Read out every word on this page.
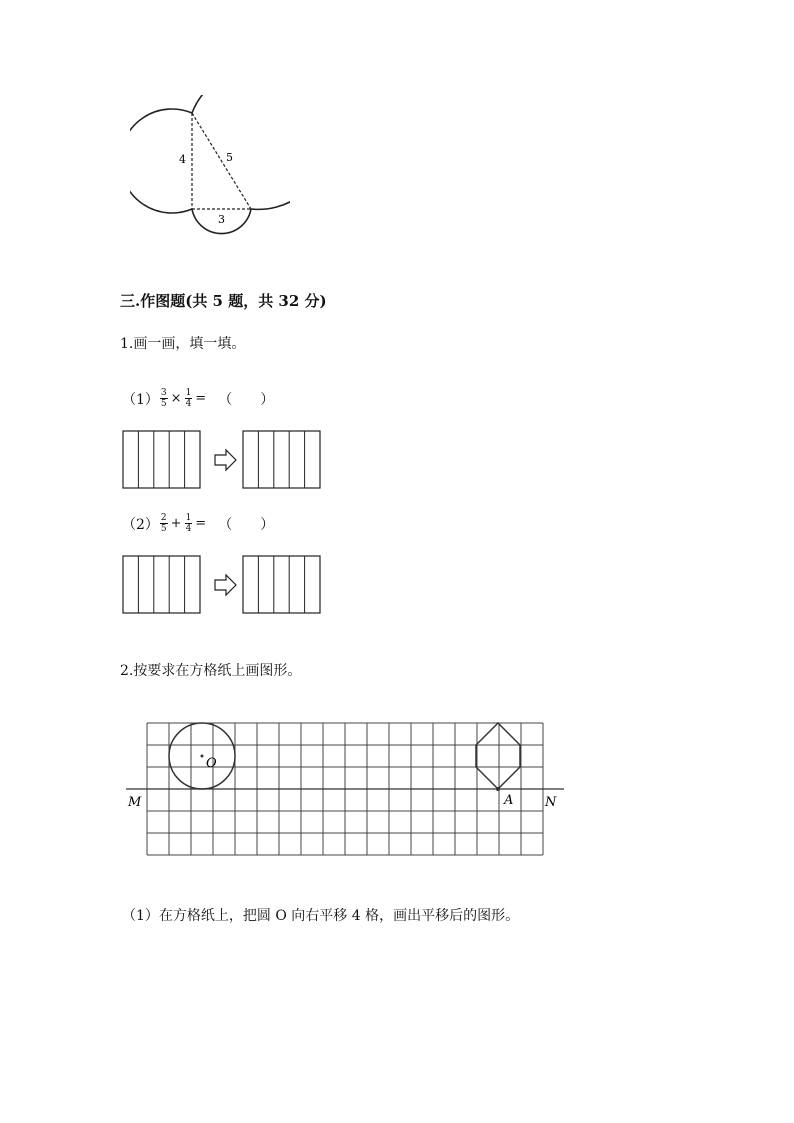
4	5
3
三.作图题(共 5 题，共 32 分)
1.画一画，填一填。
$(1) \frac{3}{5} \times \frac{1}{4}$ = （　　）
$(2) \frac{2}{5} + \frac{1}{4}$ = （　　）
2.按要求在方格纸上画图形。
O
A
M	N
（1）在方格纸上，把圆 O 向右平移 4 格，画出平移后的图形。
